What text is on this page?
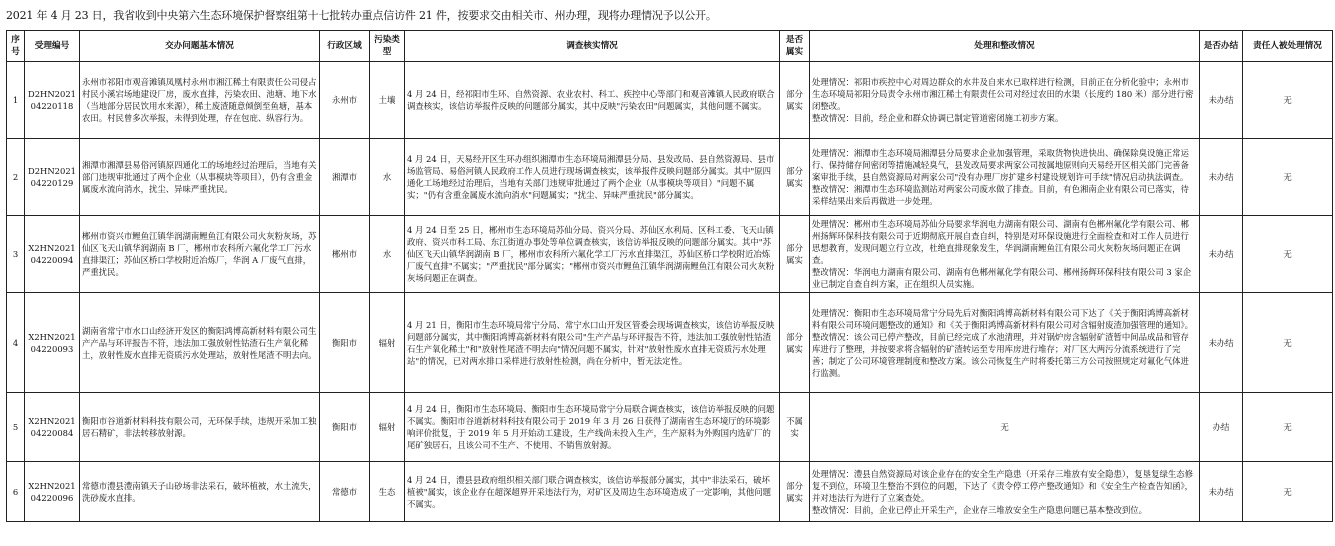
2021 年 4 月 23 日，我省收到中央第六生态环境保护督察组第十七批转办重点信访件 21 件，按要求交由相关市、州办理，现将办理情况予以公开。
序号	受理编号	交办问题基本情况	行政区域	污染类型	调查核实情况	是否属实	处理和整改情况	是否办结	责任人被处理情况
1	D2HN202104220118	永州市祁阳市观音滩镇凤凰村永州市湘江稀土有限责任公司侵占村民小溪宕场地建设厂房，废水直排，污染农田、池塘、地下水（当地部分居民饮用水来源），稀土废渣随意倾倒至鱼塘，基本农田。村民曾多次举报，未得到处理，存在包庇、纵容行为。	永州市	土壤	4 月 24 日，经祁阳市生环、自然资源、农业农村、科工、疾控中心等部门和观音滩镇人民政府联合调查核实，该信访举报件反映的问题部分属实，其中反映"污染农田"问题属实，其他问题不属实。	部分属实	处理情况：祁阳市疾控中心对周边群众的水井及自来水已取样进行检测，目前正在分析化验中；永州市生态环境局祁阳分局责令永州市湘江稀土有限责任公司对经过农田的水渠（长度约 180 米）部分进行密闭整改。
整改情况：目前，经企业和群众协调已制定管道密闭施工初步方案。	未办结	无
2	D2HN202104220129	湘潭市湘潭县易俗河镇原四通化工的场地经过治理后，当地有关部门违规审批通过了两个企业（从事模块等项目），仍有含重金属废水流向消水，扰尘、异味严重扰民。	湘潭市	水	4 月 24 日，天易经开区生环办组织湘潭市生态环境局湘潭县分局、县发改局、县自然资源局、县市场监管局、易俗河镇人民政府工作人员进行现场调查核实，该举报件反映问题部分属实。其中"原四通化工场地经过治理后，当地有关部门违规审批通过了两个企业（从事模块等项目）"问题不属实；"仍有含重金属废水流向消水"问题属实；"扰尘、异味严重扰民"部分属实。	部分属实	处理情况：湘潭市生态环境局湘潭县分局要求企业加强管理，采取货物快进快出、确保除臭设施正常运行、保持储存间密闭等措施减轻臭气，县发改局要求两家公司按属地原则向天易经开区相关部门完善备案审批手续，县自然资源局对两家公司"没有办理厂房扩建乡村建设规划许可手续"情况启动执法调查。
整改情况：湘潭市生态环境监测站对两家公司废水做了排查。目前，有色湘南企业有限公司已落实，待采样结果出来后再做进一步处理。	未办结	无
3	X2HN202104220094	郴州市资兴市鲤鱼江镇华润湖南鲤鱼江有限公司火灰粉灰场，苏仙区飞天山镇华润湖南 B 厂，郴州市农科所六氟化学工厂污水直排渠江；苏仙区桥口学校附近冶炼厂，华润 A 厂废气直排，严重扰民。	郴州市	水	4 月 24 日至 25 日，郴州市生态环境局苏仙分局、资兴分局、苏仙区水利局、区科工委、飞天山镇政府、资兴市科工局、东江街道办事处等单位调查核实，该信访举报反映的问题部分属实。其中"苏仙区飞天山镇华润湖南 B 厂，郴州市农科所六氟化学工厂污水直排渠江，苏仙区桥口学校附近冶炼厂废气直排"不属实；"严重扰民"部分属实；"郴州市资兴市鲤鱼江镇华润湖南鲤鱼江有限公司火灰粉灰场问题正在调查。	部分属实	处理情况：郴州市生态环境局苏仙分局要求华润电力湖南有限公司、湖南有色郴州氟化学有限公司、郴州扬辉环保科技有限公司于近期彻底开展自查自纠，特别是对环保设施进行全面检查和对工作人员进行思想教育，发现问题立行立改，杜绝直排现象发生，华润湖南鲤鱼江有限公司火灰粉灰场问题正在调查。
整改情况：华润电力湖南有限公司、湖南有色郴州氟化学有限公司、郴州扬辉环保科技有限公司 3 家企业已制定自查自纠方案，正在组织人员实施。	未办结	无
4	X2HN202104220093	湖南省常宁市水口山经济开发区的衡阳鸿博高新材料有限公司生产产品与环评报告不符，违法加工强放射性钴渣石生产氧化稀土，放射性废水直排无资质污水处理站，放射性尾渣不明去向。	衡阳市	辐射	4 月 21 日，衡阳市生态环境局常宁分局、常宁水口山开发区管委会现场调查核实，该信访举报反映问题部分属实，其中衡阳鸿博高新材料有限公司"生产产品与环评报告不符，违法加工强放射性钴渣石生产氧化稀土"和"放射性尾渣不明去向"情况问题不属实，针对"放射性废水直排无资质污水处理站"的情况，已对两水排口采样进行放射性检测，尚在分析中，暂无法定性。	部分属实	处理情况：衡阳市生态环境局常宁分局先后对衡阳鸿博高新材料有限公司下达了《关于衡阳鸿博高新材料有限公司环境问题整改的通知》和《关于衡阳鸿博高新材料有限公司对含辐射废渣加强管理的通知》。
整改情况：该公司已停产整改，目前已经完成了水池清理，并对锅炉房含辐射矿渣暂中间品成品和管存库进行了整理，并按要求将含辐射的矿渣转运至专用库房进行堆存；对厂区大两污分流系统进行了完善；制定了公司环境管理制度和整改方案。该公司恢复生产时将委托第三方公司按照规定对氟化气体进行监测。	未办结	无
5	X2HN202104220084	衡阳市谷道新材料科技有限公司，无环保手续，违规开采加工独居石精矿，非法转移放射源。	衡阳市	辐射	4 月 24 日，衡阳市生态环境局、衡阳市生态环境局常宁分局联合调查核实，该信访举报反映的问题不属实。衡阳市谷道新材料科技有限公司于 2019 年 3 月 26 日获得了湖南省生态环境厅的环境影响评价批复，于 2019 年 5 月开始动工建设，生产线尚未投入生产，生产原料为外购国内选矿厂的尾矿独居石，且该公司不生产、不使用、不销售放射源。	不属实	无	办结	无
6	X2HN202104220096	常德市澧县澧南镇天子山砂场非法采石，破坏植被，水土流失，洗砂废水直排。	常德市	生态	4 月 24 日，澧县县政府组织相关部门联合调查核实，该信访举报部分属实，其中"非法采石，破坏植被"属实，该企业存在超深超界开采违法行为，对矿区及周边生态环境造成了一定影响，其他问题不属实。	部分属实	处理情况：澧县自然资源局对该企业存在的安全生产隐患（开采存三堆放有安全隐患），复垦复绿生态修复不到位，环境卫生整治不到位的问题，下达了《责令停工停产整改通知》和《安全生产检查告知函》，并对违法行为进行了立案查处。
整改情况：目前，企业已停止开采生产，企业存三堆放安全生产隐患问题已基本整改到位。	未办结	无
